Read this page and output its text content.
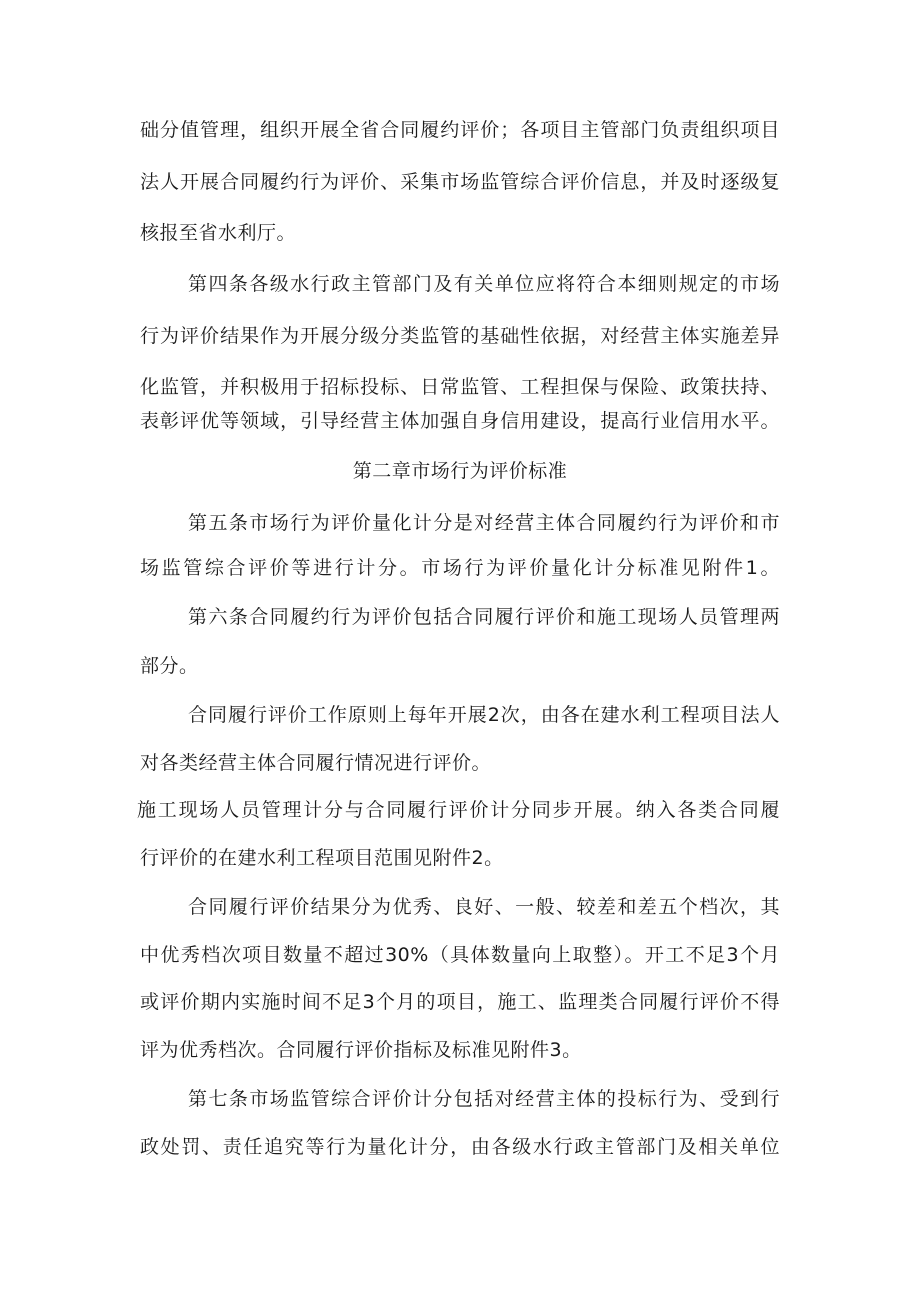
础分值管理，组织开展全省合同履约评价；各项目主管部门负责组织项目

法人开展合同履约行为评价、采集市场监管综合评价信息，并及时逐级复

核报至省水利厅。

第四条各级水行政主管部门及有关单位应将符合本细则规定的市场

行为评价结果作为开展分级分类监管的基础性依据，对经营主体实施差异

化监管，并积极用于招标投标、日常监管、工程担保与保险、政策扶持、

表彰评优等领域，引导经营主体加强自身信用建设，提高行业信用水平。

第二章市场行为评价标准

第五条市场行为评价量化计分是对经营主体合同履约行为评价和市

场监管综合评价等进行计分。市场行为评价量化计分标准见附件1。

第六条合同履约行为评价包括合同履行评价和施工现场人员管理两

部分。

合同履行评价工作原则上每年开展2次，由各在建水利工程项目法人

对各类经营主体合同履行情况进行评价。

施工现场人员管理计分与合同履行评价计分同步开展。纳入各类合同履

行评价的在建水利工程项目范围见附件2。

合同履行评价结果分为优秀、良好、一般、较差和差五个档次，其

中优秀档次项目数量不超过30%（具体数量向上取整）。开工不足3个月

或评价期内实施时间不足3个月的项目，施工、监理类合同履行评价不得

评为优秀档次。合同履行评价指标及标准见附件3。

第七条市场监管综合评价计分包括对经营主体的投标行为、受到行

政处罚、责任追究等行为量化计分，由各级水行政主管部门及相关单位
